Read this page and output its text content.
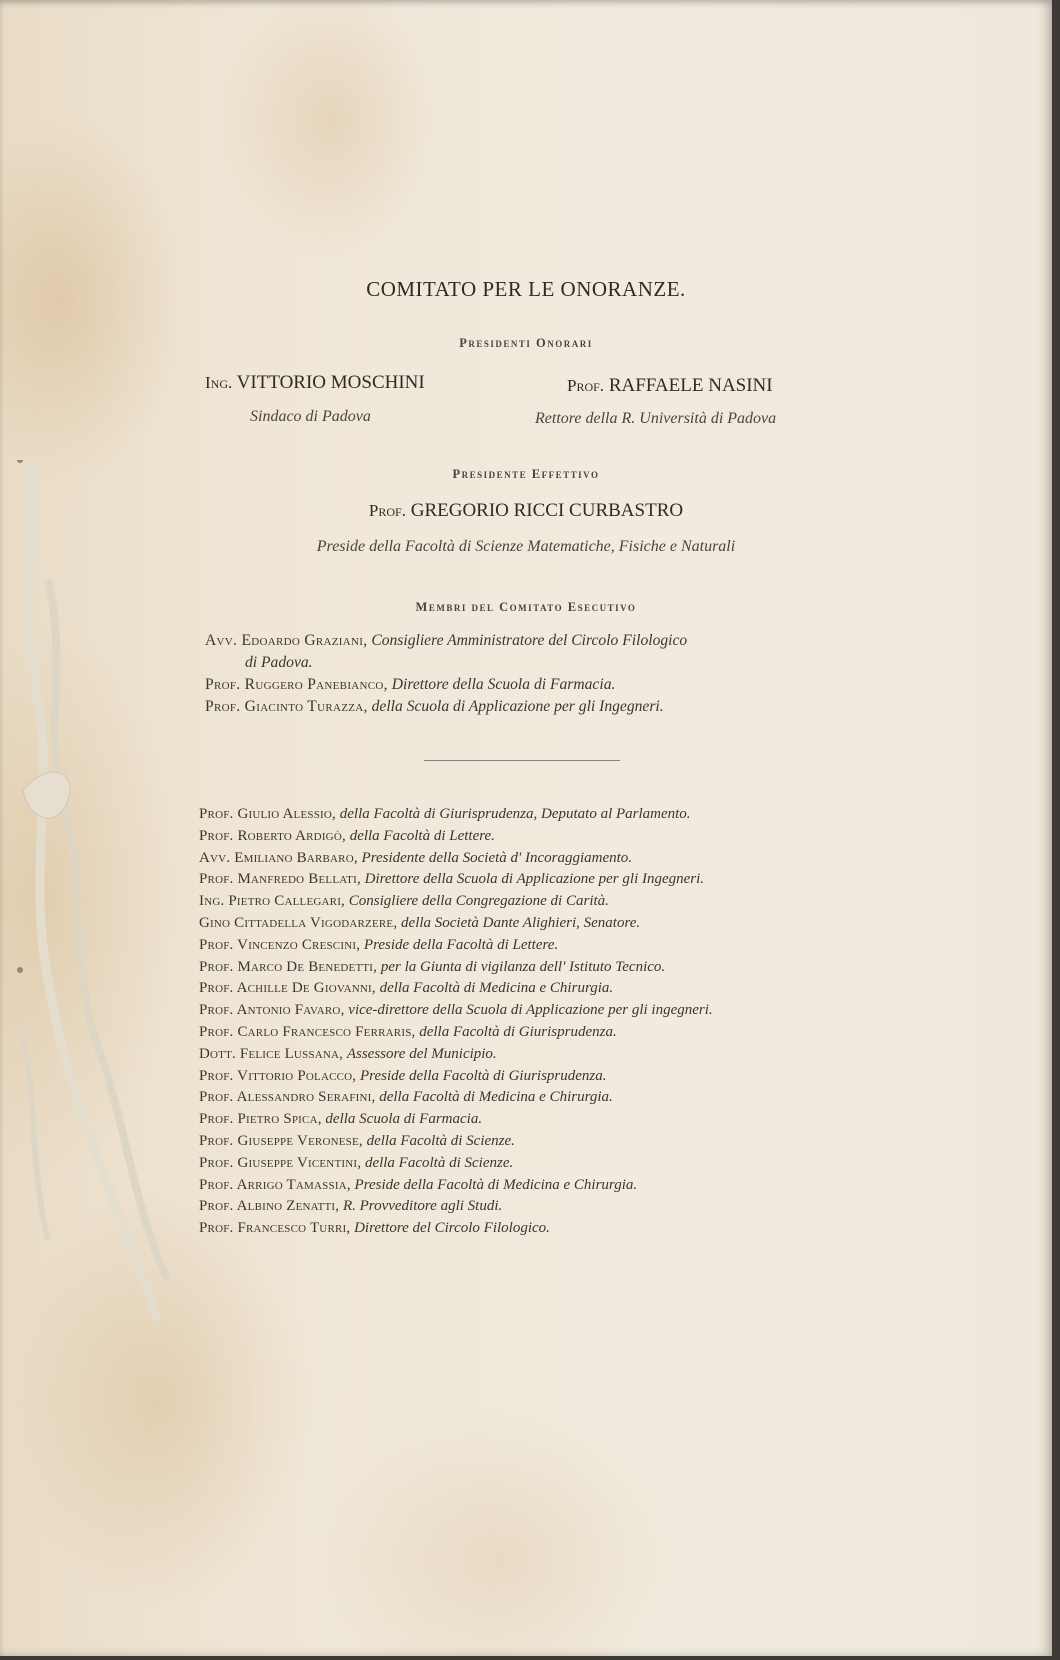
COMITATO PER LE ONORANZE.
Presidenti Onorari
Ing. VITTORIO MOSCHINI
Sindaco di Padova
Prof. RAFFAELE NASINI
Rettore della R. Università di Padova
Presidente Effettivo
Prof. GREGORIO RICCI CURBASTRO
Preside della Facoltà di Scienze Matematiche, Fisiche e Naturali
Membri del Comitato Esecutivo
Avv. Edoardo Graziani, Consigliere Amministratore del Circolo Filologico
di Padova.
Prof. Ruggero Panebianco, Direttore della Scuola di Farmacia.
Prof. Giacinto Turazza, della Scuola di Applicazione per gli Ingegneri.
Prof. Giulio Alessio, della Facoltà di Giurisprudenza, Deputato al Parlamento.
Prof. Roberto Ardigò, della Facoltà di Lettere.
Avv. Emiliano Barbaro, Presidente della Società d' Incoraggiamento.
Prof. Manfredo Bellati, Direttore della Scuola di Applicazione per gli Ingegneri.
Ing. Pietro Callegari, Consigliere della Congregazione di Carità.
Gino Cittadella Vigodarzere, della Società Dante Alighieri, Senatore.
Prof. Vincenzo Crescini, Preside della Facoltà di Lettere.
Prof. Marco De Benedetti, per la Giunta di vigilanza dell' Istituto Tecnico.
Prof. Achille De Giovanni, della Facoltà di Medicina e Chirurgia.
Prof. Antonio Favaro, vice-direttore della Scuola di Applicazione per gli ingegneri.
Prof. Carlo Francesco Ferraris, della Facoltà di Giurisprudenza.
Dott. Felice Lussana, Assessore del Municipio.
Prof. Vittorio Polacco, Preside della Facoltà di Giurisprudenza.
Prof. Alessandro Serafini, della Facoltà di Medicina e Chirurgia.
Prof. Pietro Spica, della Scuola di Farmacia.
Prof. Giuseppe Veronese, della Facoltà di Scienze.
Prof. Giuseppe Vicentini, della Facoltà di Scienze.
Prof. Arrigo Tamassia, Preside della Facoltà di Medicina e Chirurgia.
Prof. Albino Zenatti, R. Provveditore agli Studi.
Prof. Francesco Turri, Direttore del Circolo Filologico.
